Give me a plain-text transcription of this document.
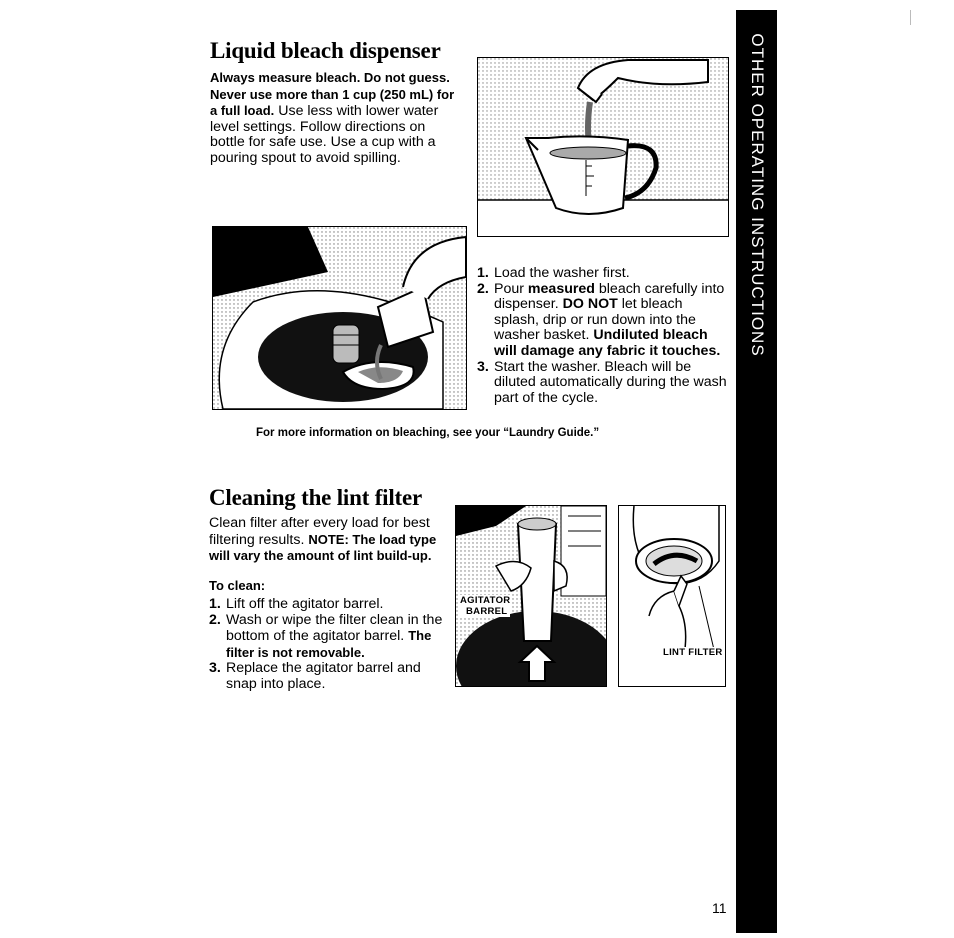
Liquid bleach dispenser
Always measure bleach. Do not guess. Never use more than 1 cup (250 mL) for a full load. Use less with lower water level settings. Follow directions on bottle for safe use. Use a cup with a pouring spout to avoid spilling.
1. Load the washer first.
2. Pour measured bleach carefully into dispenser. DO NOT let bleach splash, drip or run down into the washer basket. Undiluted bleach will damage any fabric it touches.
3. Start the washer. Bleach will be diluted automatically during the wash part of the cycle.
For more information on bleaching, see your “Laundry Guide.”
Cleaning the lint filter
Clean filter after every load for best filtering results. NOTE: The load type will vary the amount of lint build-up.
To clean:
1. Lift off the agitator barrel.
2. Wash or wipe the filter clean in the bottom of the agitator barrel. The filter is not removable.
3. Replace the agitator barrel and snap into place.
AGITATOR
BARREL
LINT FILTER
OTHER OPERATING INSTRUCTIONS
11
